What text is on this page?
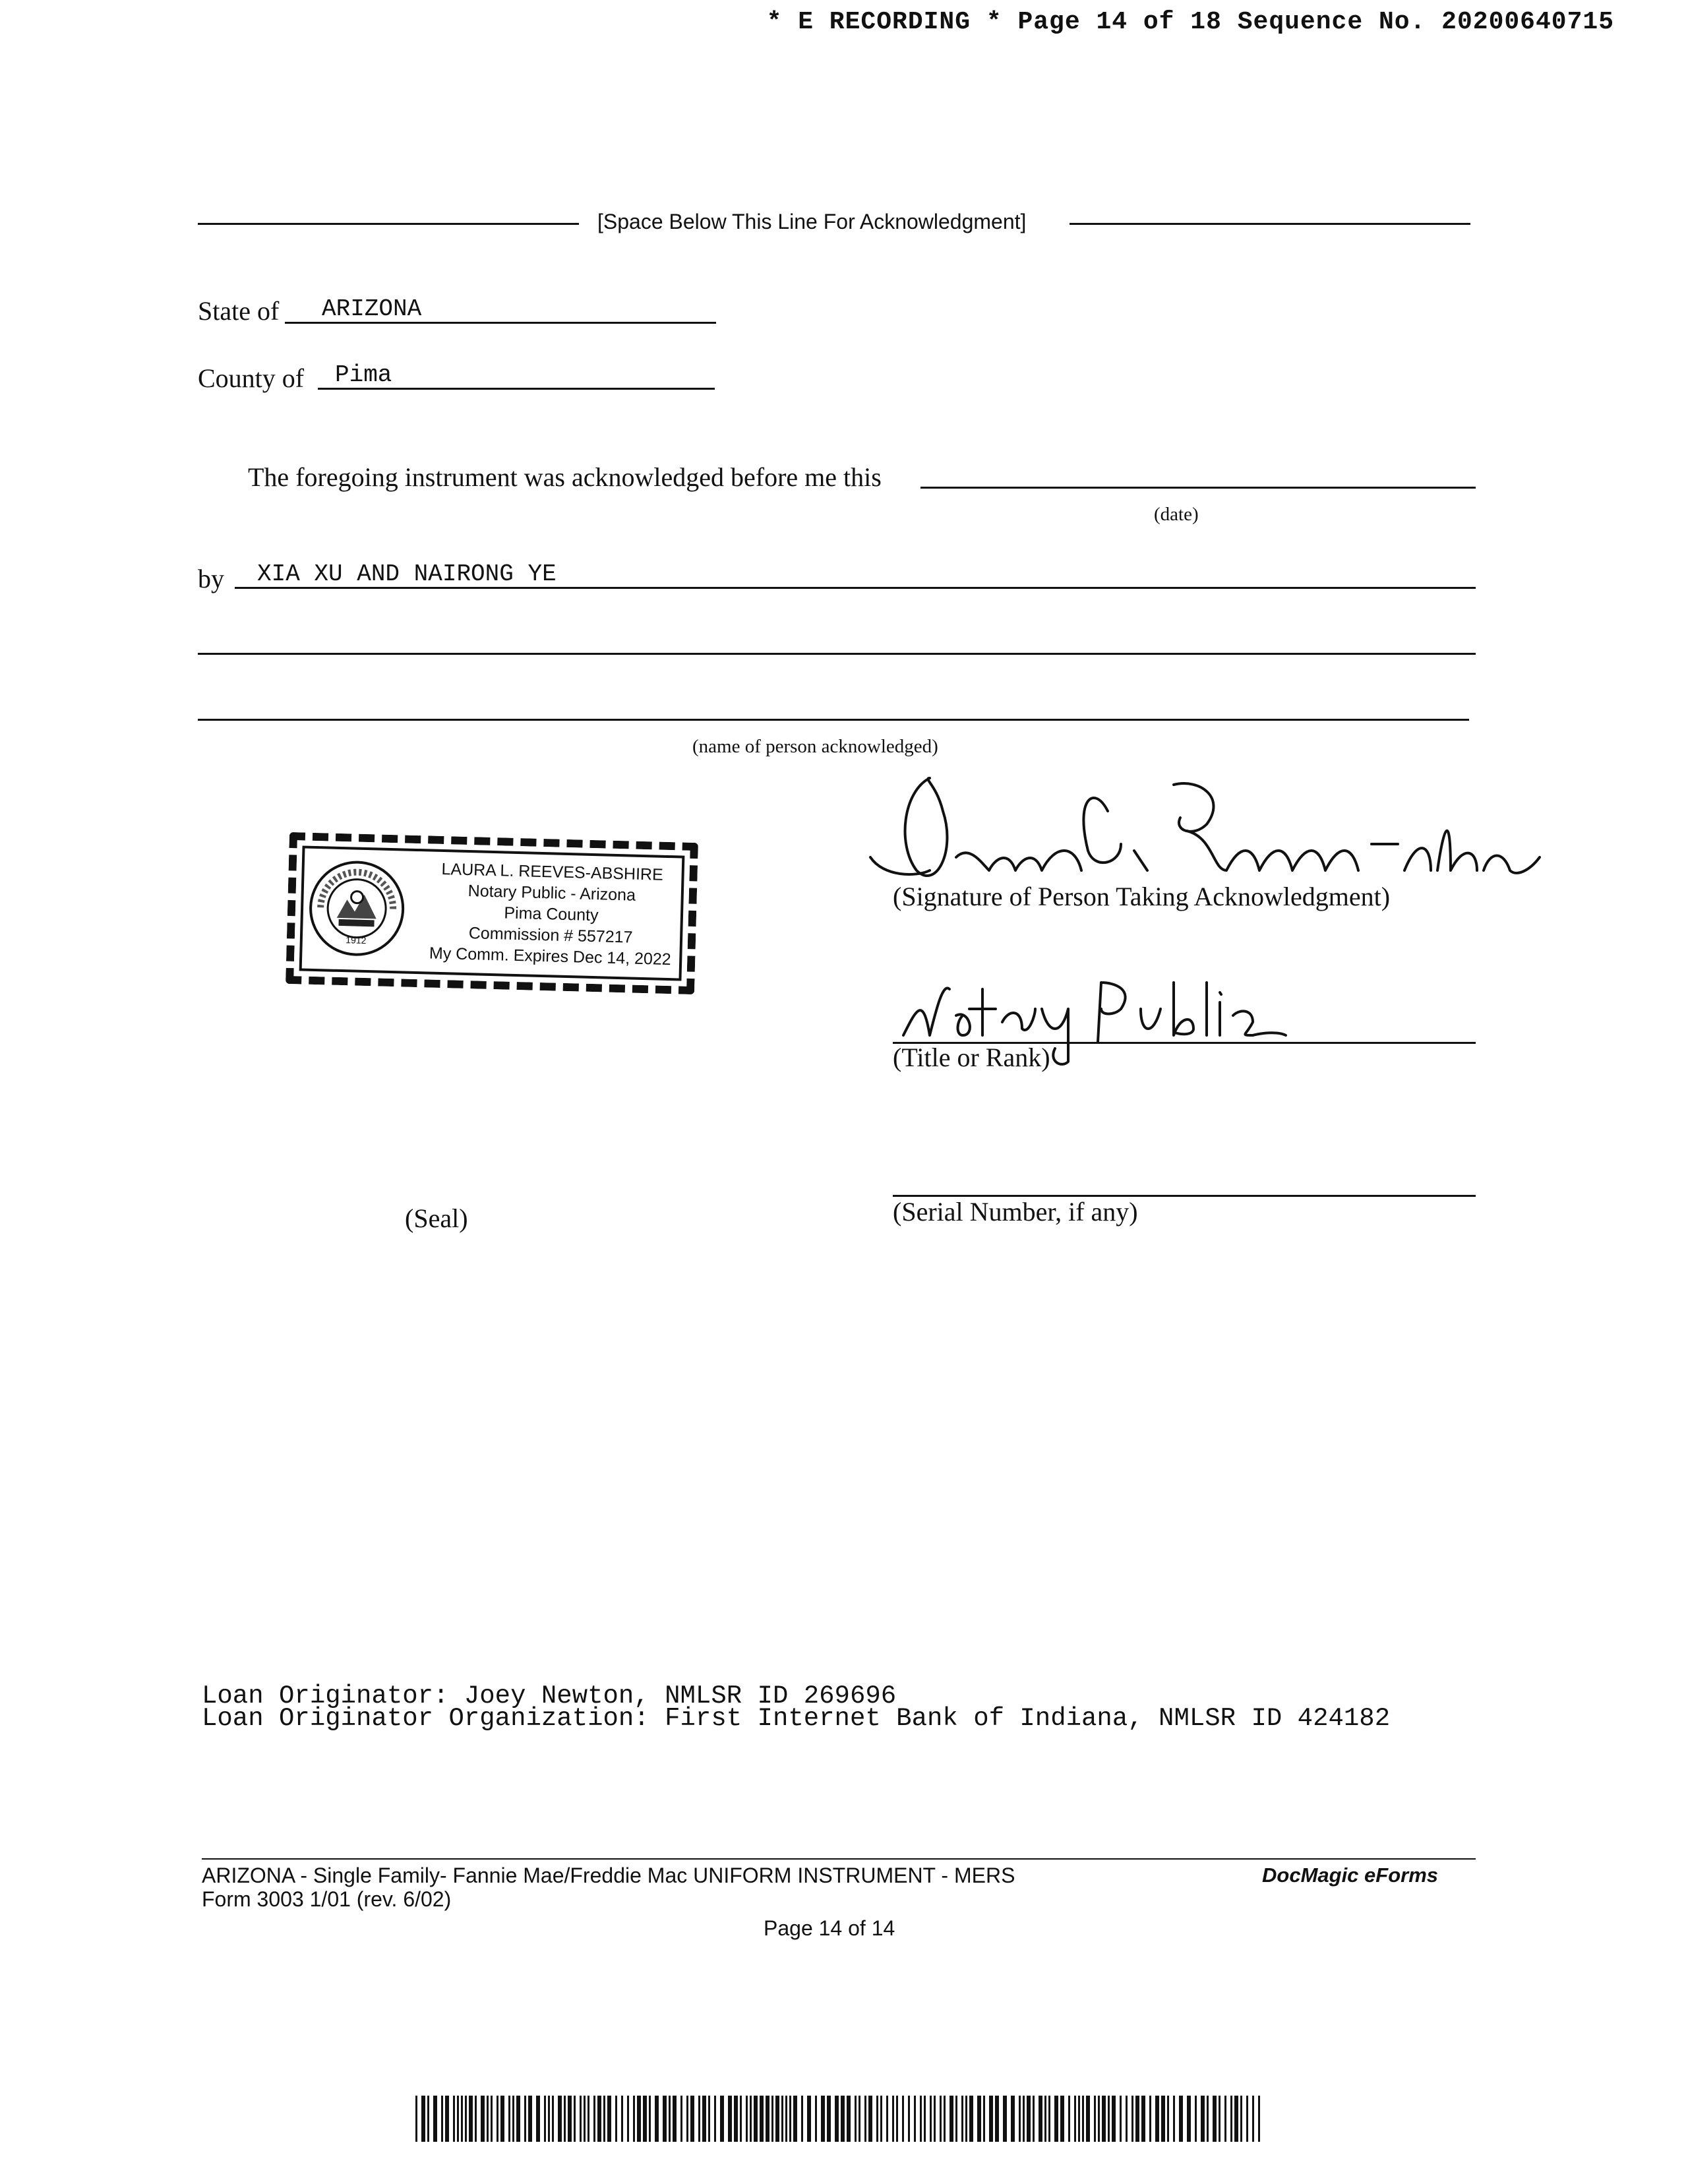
* E RECORDING * Page 14 of 18 Sequence No. 20200640715
[Space Below This Line For Acknowledgment]
State of ARIZONA
County of Pima
The foregoing instrument was acknowledged before me this
(date)
by XIA XU AND NAIRONG YE
(name of person acknowledged)
1912
LAURA L. REEVES-ABSHIRE
Notary Public - Arizona
Pima County
Commission # 557217
My Comm. Expires Dec 14, 2022
(Seal)
(Signature of Person Taking Acknowledgment)
(Title or Rank)
(Serial Number, if any)
Loan Originator: Joey Newton, NMLSR ID 269696
Loan Originator Organization: First Internet Bank of Indiana, NMLSR ID 424182
ARIZONA - Single Family- Fannie Mae/Freddie Mac UNIFORM INSTRUMENT - MERS
Form 3003 1/01 (rev. 6/02)
DocMagic eForms
Page 14 of 14
